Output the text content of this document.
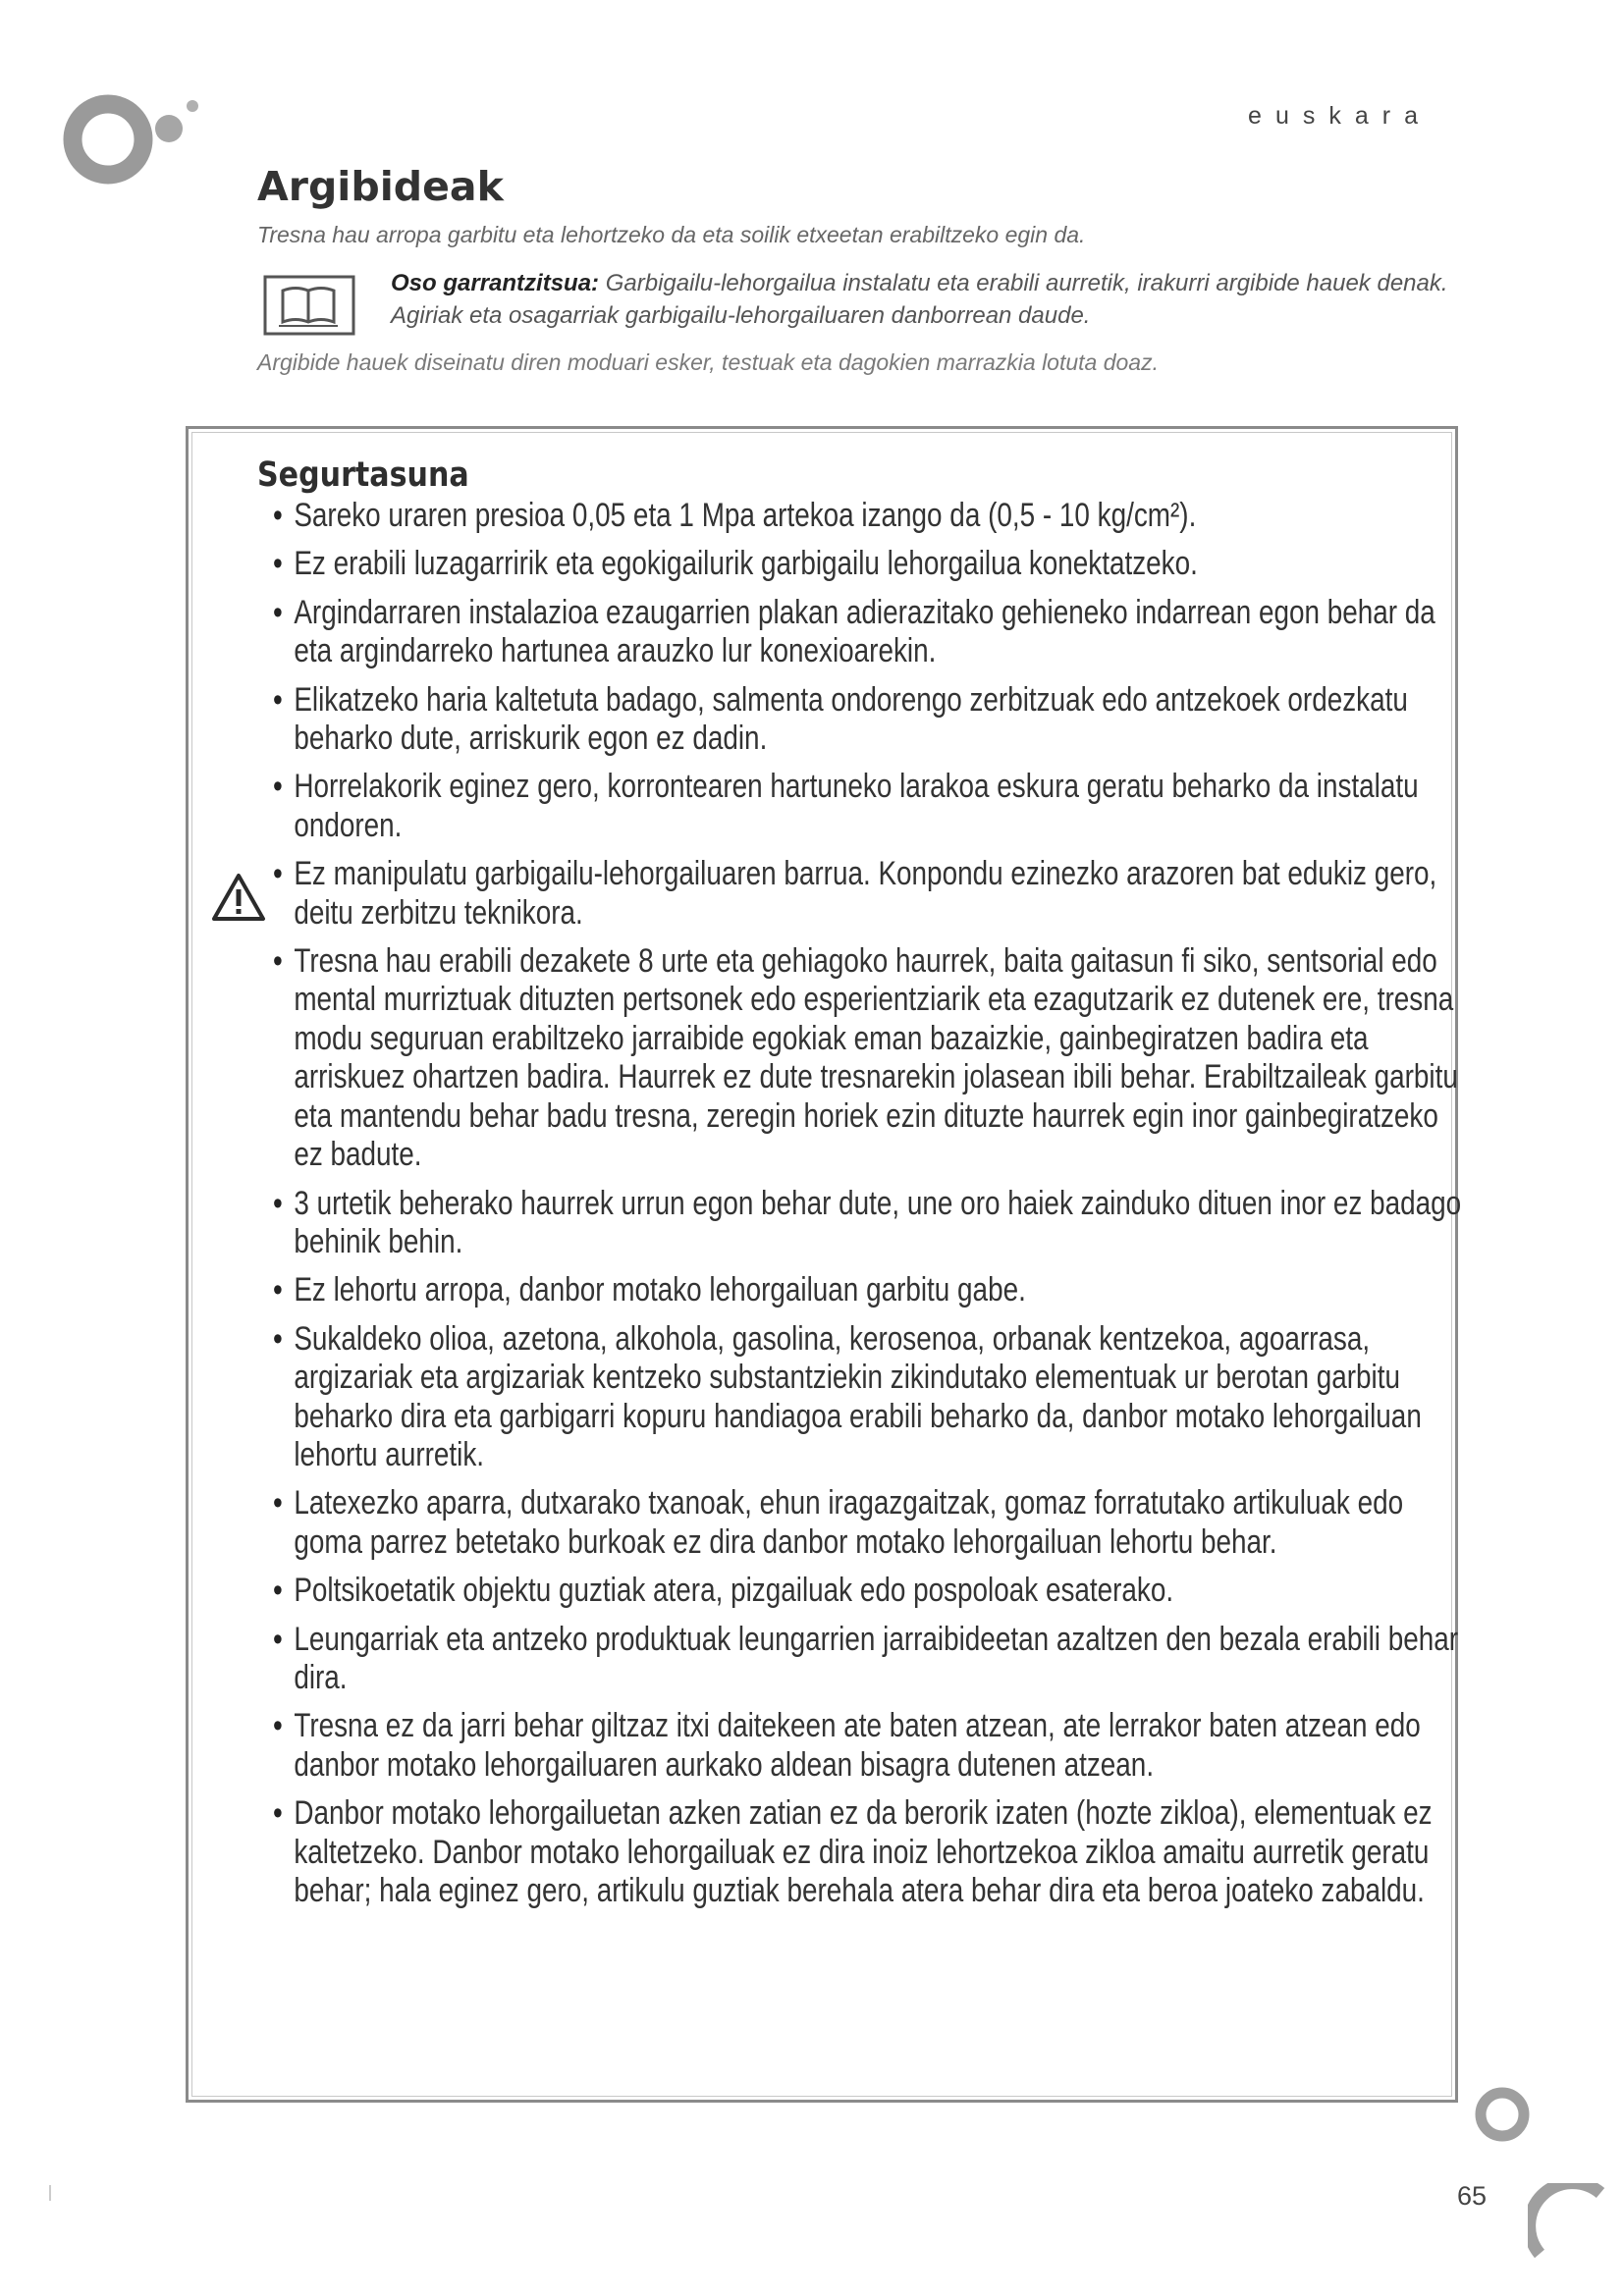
euskara
Argibideak
Tresna hau arropa garbitu eta lehortzeko da eta soilik etxeetan erabiltzeko egin da.
Oso garrantzitsua: Garbigailu-lehorgailua instalatu eta erabili aurretik, irakurri argibide hauek denak. Agiriak eta osagarriak garbigailu-lehorgailuaren danborrean daude.
Argibide hauek diseinatu diren moduari esker, testuak eta dagokien marrazkia lotuta doaz.
Segurtasuna
• Sareko uraren presioa 0,05 eta 1 Mpa artekoa izango da (0,5 - 10 kg/cm²).
• Ez erabili luzagarririk eta egokigailurik garbigailu lehorgailua konektatzeko.
• Argindarraren instalazioa ezaugarrien plakan adierazitako gehieneko indarrean egon behar da eta argindarreko hartunea arauzko lur konexioarekin.
• Elikatzeko haria kaltetuta badago, salmenta ondorengo zerbitzuak edo antzekoek ordezkatu beharko dute, arriskurik egon ez dadin.
• Horrelakorik eginez gero, korrontearen hartuneko larakoa eskura geratu beharko da instalatu ondoren.
• Ez manipulatu garbigailu-lehorgailuaren barrua. Konpondu ezinezko arazoren bat edukiz gero, deitu zerbitzu teknikora.
• Tresna hau erabili dezakete 8 urte eta gehiagoko haurrek, baita gaitasun fi siko, sentsorial edo mental murriztuak dituzten pertsonek edo esperientziarik eta ezagutzarik ez dutenek ere, tresna modu seguruan erabiltzeko jarraibide egokiak eman bazaizkie, gainbegiratzen badira eta arriskuez ohartzen badira. Haurrek ez dute tresnarekin jolasean ibili behar. Erabiltzaileak garbitu eta mantendu behar badu tresna, zeregin horiek ezin dituzte haurrek egin inor gainbegiratzeko ez badute.
• 3 urtetik beherako haurrek urrun egon behar dute, une oro haiek zainduko dituen inor ez badago behinik behin.
• Ez lehortu arropa, danbor motako lehorgailuan garbitu gabe.
• Sukaldeko olioa, azetona, alkohola, gasolina, kerosenoa, orbanak kentzekoa, agoarrasa, argizariak eta argizariak kentzeko substantziekin zikindutako elementuak ur berotan garbitu beharko dira eta garbigarri kopuru handiagoa erabili beharko da, danbor motako lehorgailuan lehortu aurretik.
• Latexezko aparra, dutxarako txanoak, ehun iragazgaitzak, gomaz forratutako artikuluak edo goma parrez betetako burkoak ez dira danbor motako lehorgailuan lehortu behar.
• Poltsikoetatik objektu guztiak atera, pizgailuak edo pospoloak esaterako.
• Leungarriak eta antzeko produktuak leungarrien jarraibideetan azaltzen den bezala erabili behar dira.
• Tresna ez da jarri behar giltzaz itxi daitekeen ate baten atzean, ate lerrakor baten atzean edo danbor motako lehorgailuaren aurkako aldean bisagra dutenen atzean.
• Danbor motako lehorgailuetan azken zatian ez da berorik izaten (hozte zikloa), elementuak ez kaltetzeko. Danbor motako lehorgailuak ez dira inoiz lehortzekoa zikloa amaitu aurretik geratu behar; hala eginez gero, artikulu guztiak berehala atera behar dira eta beroa joateko zabaldu.
65
